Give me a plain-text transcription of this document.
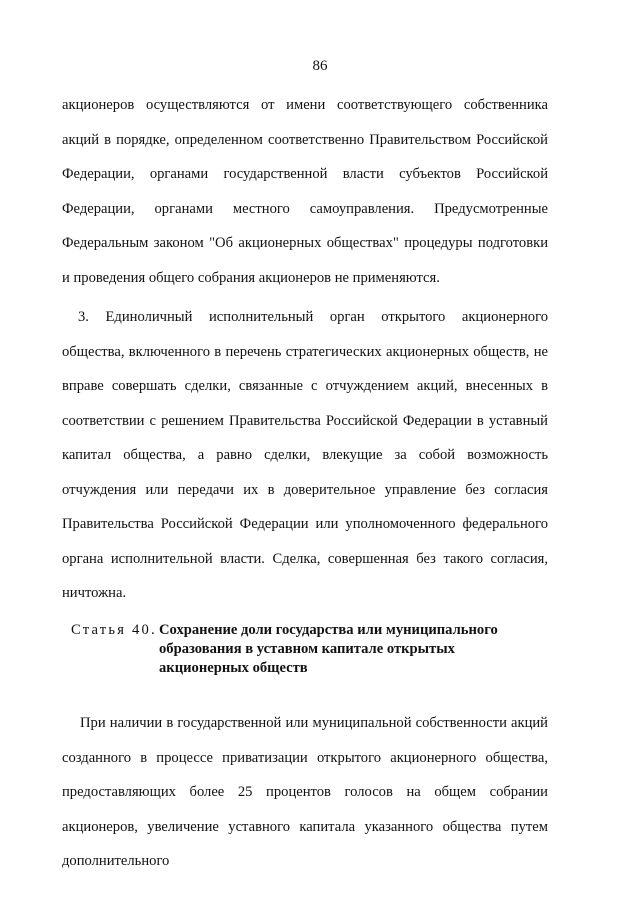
86

акционеров осуществляются от имени соответствующего собственника акций в порядке, определенном соответственно Правительством Российской Федерации, органами государственной власти субъектов Российской Федерации, органами местного самоуправления. Предусмотренные Федеральным законом "Об акционерных обществах" процедуры подготовки и проведения общего собрания акционеров не применяются.

3. Единоличный исполнительный орган открытого акционерного общества, включенного в перечень стратегических акционерных обществ, не вправе совершать сделки, связанные с отчуждением акций, внесенных в соответствии с решением Правительства Российской Федерации в уставный капитал общества, а равно сделки, влекущие за собой возможность отчуждения или передачи их в доверительное управление без согласия Правительства Российской Федерации или уполномоченного федерального органа исполнительной власти. Сделка, совершенная без такого согласия, ничтожна.

Статья 40. Сохранение доли государства или муниципального образования в уставном капитале открытых акционерных обществ

При наличии в государственной или муниципальной собственности акций созданного в процессе приватизации открытого акционерного общества, предоставляющих более 25 процентов голосов на общем собрании акционеров, увеличение уставного капитала указанного общества путем дополнительного
